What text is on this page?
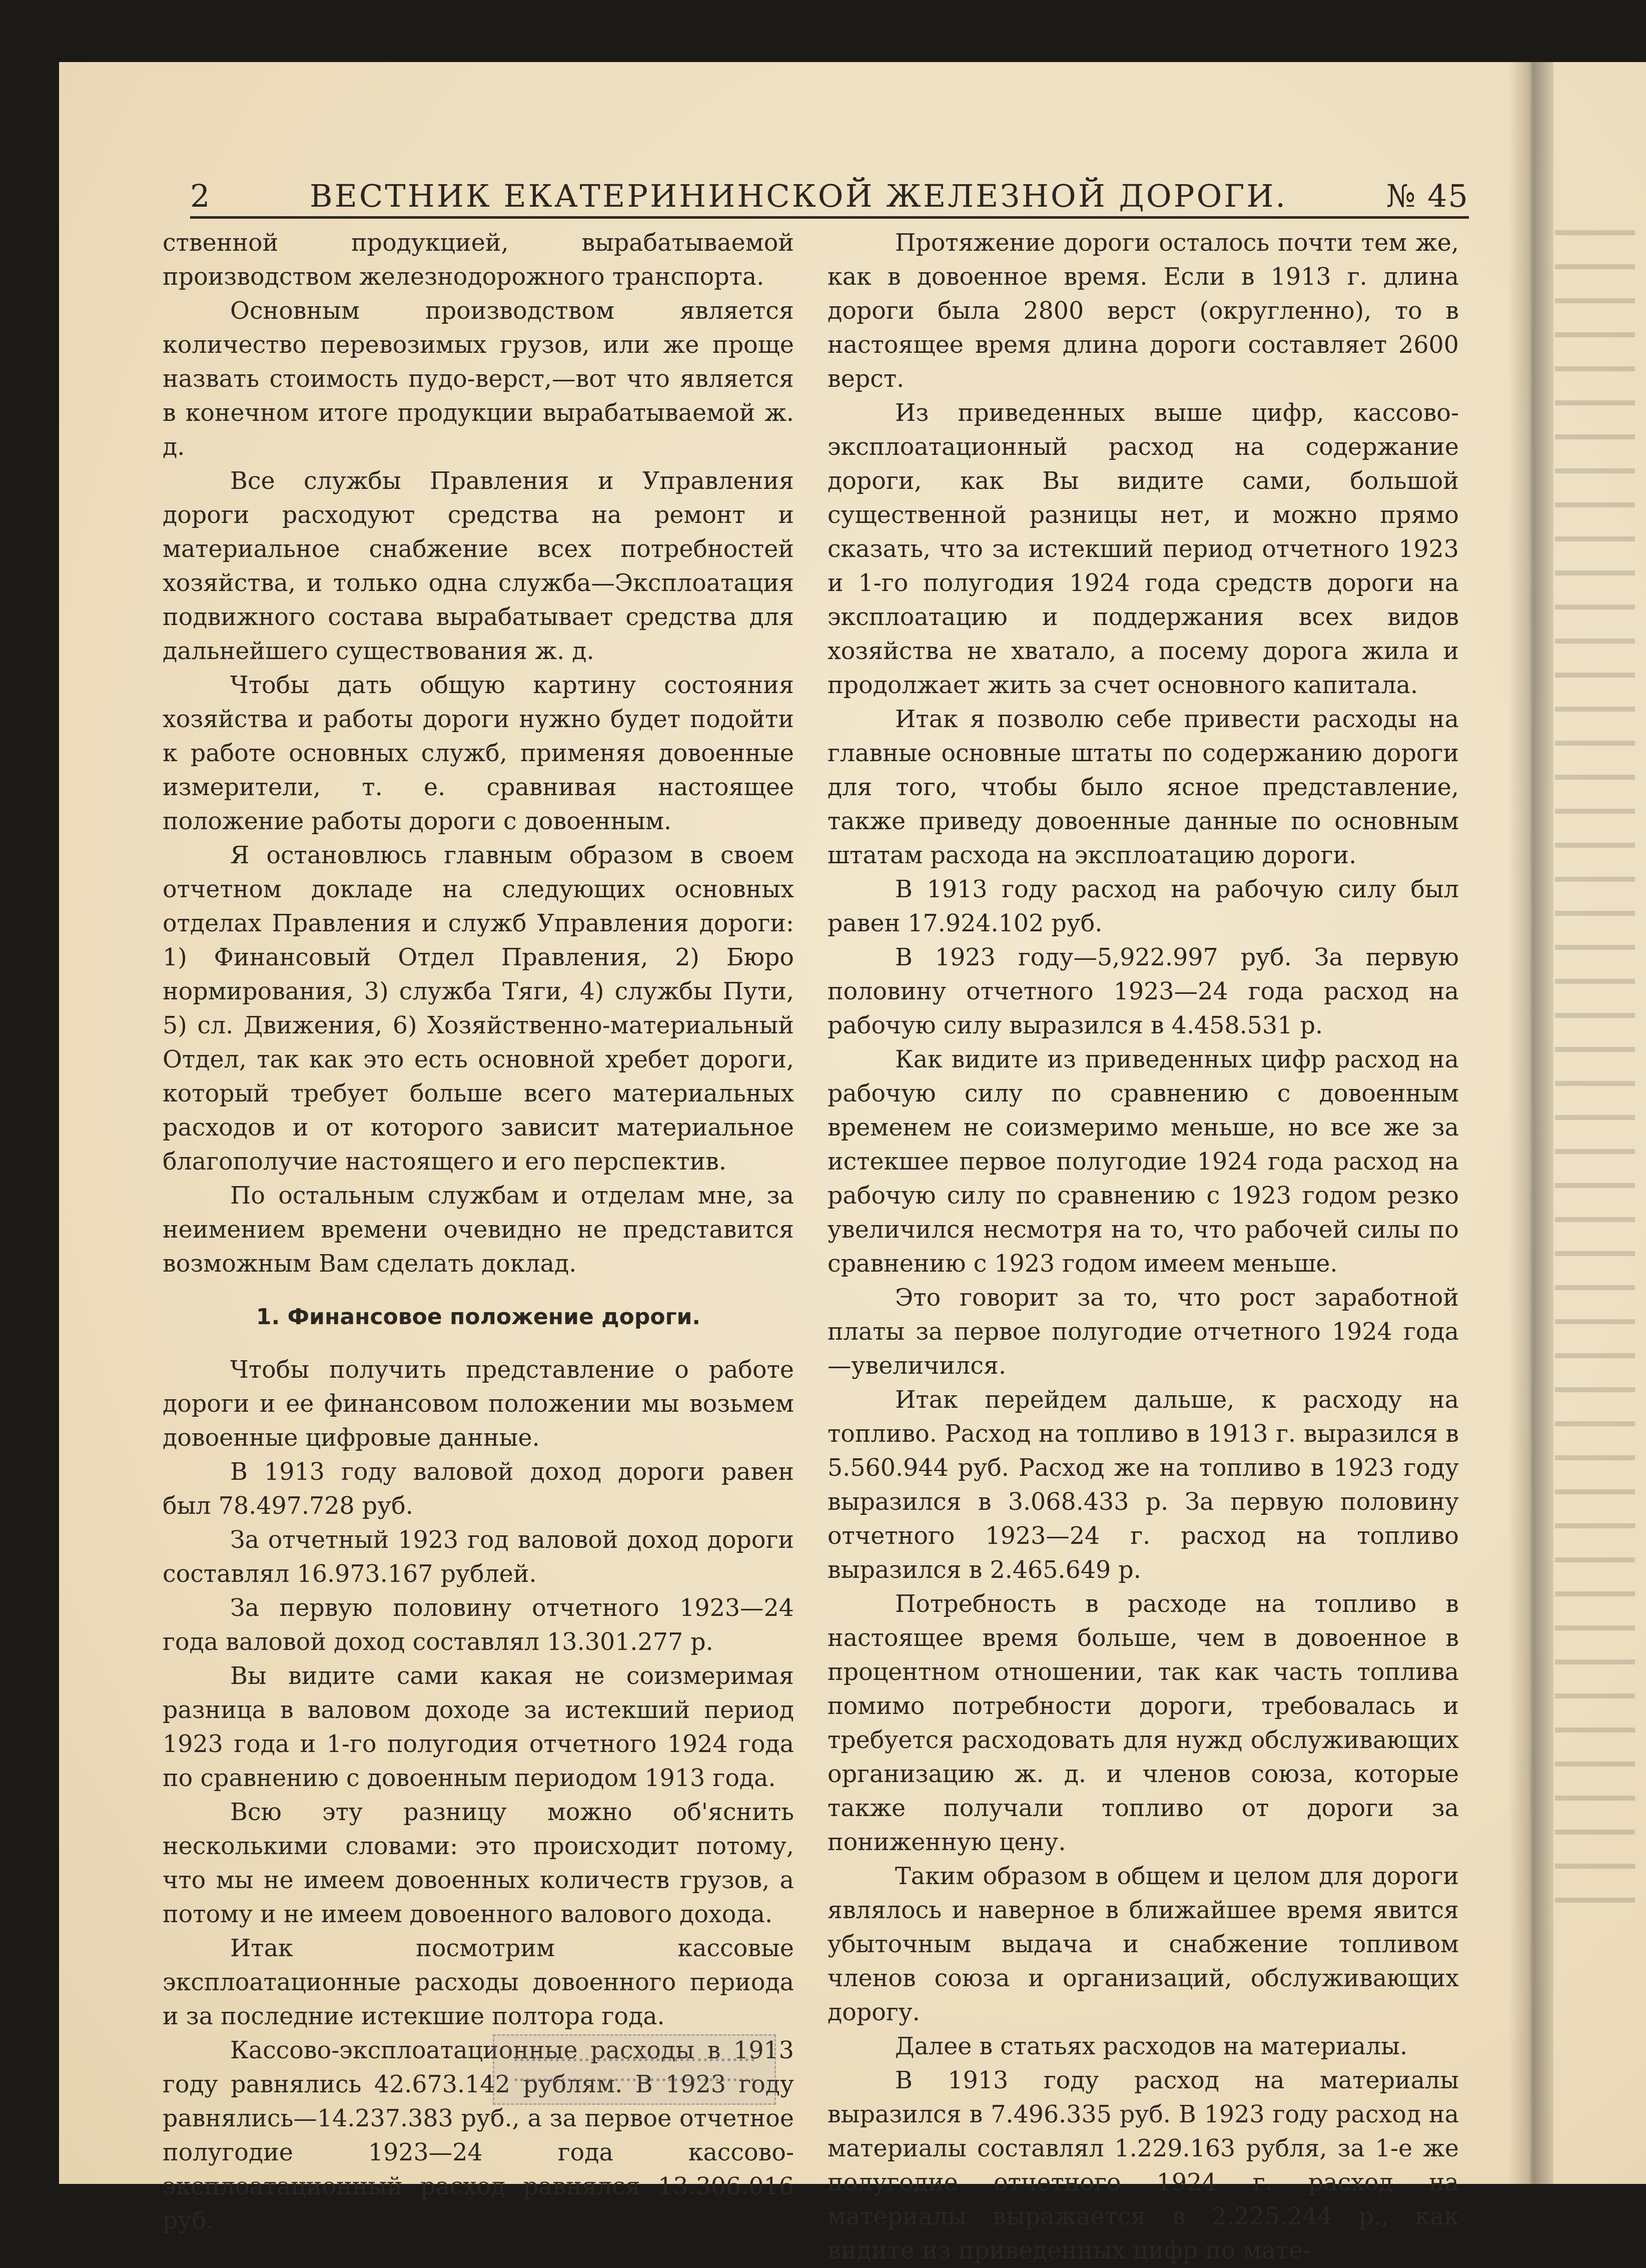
2	ВЕСТНИК ЕКАТЕРИНИНСКОЙ ЖЕЛЕЗНОЙ ДОРОГИ.	№ 45

ственной продукцией, вырабатываемой производством железнодорожного транспорта.

Основным производством является количество перевозимых грузов, или же проще назвать стоимость пудо-верст,—вот что является в конечном итоге продукции вырабатываемой ж. д.

Все службы Правления и Управления дороги расходуют средства на ремонт и материальное снабжение всех потребностей хозяйства, и только одна служба—Эксплоатация подвижного состава вырабатывает средства для дальнейшего существования ж. д.

Чтобы дать общую картину состояния хозяйства и работы дороги нужно будет подойти к работе основных служб, применяя довоенные измерители, т. е. сравнивая настоящее положение работы дороги с довоенным.

Я остановлюсь главным образом в своем отчетном докладе на следующих основных отделах Правления и служб Управления дороги: 1) Финансовый Отдел Правления, 2) Бюро нормирования, 3) служба Тяги, 4) службы Пути, 5) сл. Движения, 6) Хозяйственно-материальный Отдел, так как это есть основной хребет дороги, который требует больше всего материальных расходов и от которого зависит материальное благополучие настоящего и его перспектив.

По остальным службам и отделам мне, за неимением времени очевидно не представится возможным Вам сделать доклад.

1. Финансовое положение дороги.

Чтобы получить представление о работе дороги и ее финансовом положении мы возьмем довоенные цифровые данные.

В 1913 году валовой доход дороги равен был 78.497.728 руб.

За отчетный 1923 год валовой доход дороги составлял 16.973.167 рублей.

За первую половину отчетного 1923—24 года валовой доход составлял 13.301.277 р.

Вы видите сами какая не соизмеримая разница в валовом доходе за истекший период 1923 года и 1-го полугодия отчетного 1924 года по сравнению с довоенным периодом 1913 года.

Всю эту разницу можно об'яснить несколькими словами: это происходит потому, что мы не имеем довоенных количеств грузов, а потому и не имеем довоенного валового дохода.

Итак посмотрим кассовые эксплоатационные расходы довоенного периода и за последние истекшие полтора года.

Кассово-эксплоатационные расходы в 1913 году равнялись 42.673.142 рублям. В 1923 году равнялись—14.237.383 руб., а за первое отчетное полугодие 1923—24 года кассово-эксплоатационный расход равнялся 13.306.016 руб.

Протяжение дороги осталось почти тем же, как в довоенное время. Если в 1913 г. длина дороги была 2800 верст (округленно), то в настоящее время длина дороги составляет 2600 верст.

Из приведенных выше цифр, кассово-эксплоатационный расход на содержание дороги, как Вы видите сами, большой существенной разницы нет, и можно прямо сказать, что за истекший период отчетного 1923 и 1-го полугодия 1924 года средств дороги на эксплоатацию и поддержания всех видов хозяйства не хватало, а посему дорога жила и продолжает жить за счет основного капитала.

Итак я позволю себе привести расходы на главные основные штаты по содержанию дороги для того, чтобы было ясное представление, также приведу довоенные данные по основным штатам расхода на эксплоатацию дороги.

В 1913 году расход на рабочую силу был равен 17.924.102 руб.

В 1923 году—5,922.997 руб. За первую половину отчетного 1923—24 года расход на рабочую силу выразился в 4.458.531 р.

Как видите из приведенных цифр расход на рабочую силу по сравнению с довоенным временем не соизмеримо меньше, но все же за истекшее первое полугодие 1924 года расход на рабочую силу по сравнению с 1923 годом резко увеличился несмотря на то, что рабочей силы по сравнению с 1923 годом имеем меньше.

Это говорит за то, что рост заработной платы за первое полугодие отчетного 1924 года—увеличился.

Итак перейдем дальше, к расходу на топливо. Расход на топливо в 1913 г. выразился в 5.560.944 руб. Расход же на топливо в 1923 году выразился в 3.068.433 р. За первую половину отчетного 1923—24 г. расход на топливо выразился в 2.465.649 р.

Потребность в расходе на топливо в настоящее время больше, чем в довоенное в процентном отношении, так как часть топлива помимо потребности дороги, требовалась и требуется расходовать для нужд обслуживающих организацию ж. д. и членов союза, которые также получали топливо от дороги за пониженную цену.

Таким образом в общем и целом для дороги являлось и наверное в ближайшее время явится убыточным выдача и снабжение топливом членов союза и организаций, обслуживающих дорогу.

Далее в статьях расходов на материалы.

В 1913 году расход на материалы выразился в 7.496.335 руб. В 1923 году расход на материалы составлял 1.229.163 рубля, за 1-е же полугодие отчетного 1924 г. расход на материалы выражается в 2.225.244 р., как видите из приведенных цифр по мате-
